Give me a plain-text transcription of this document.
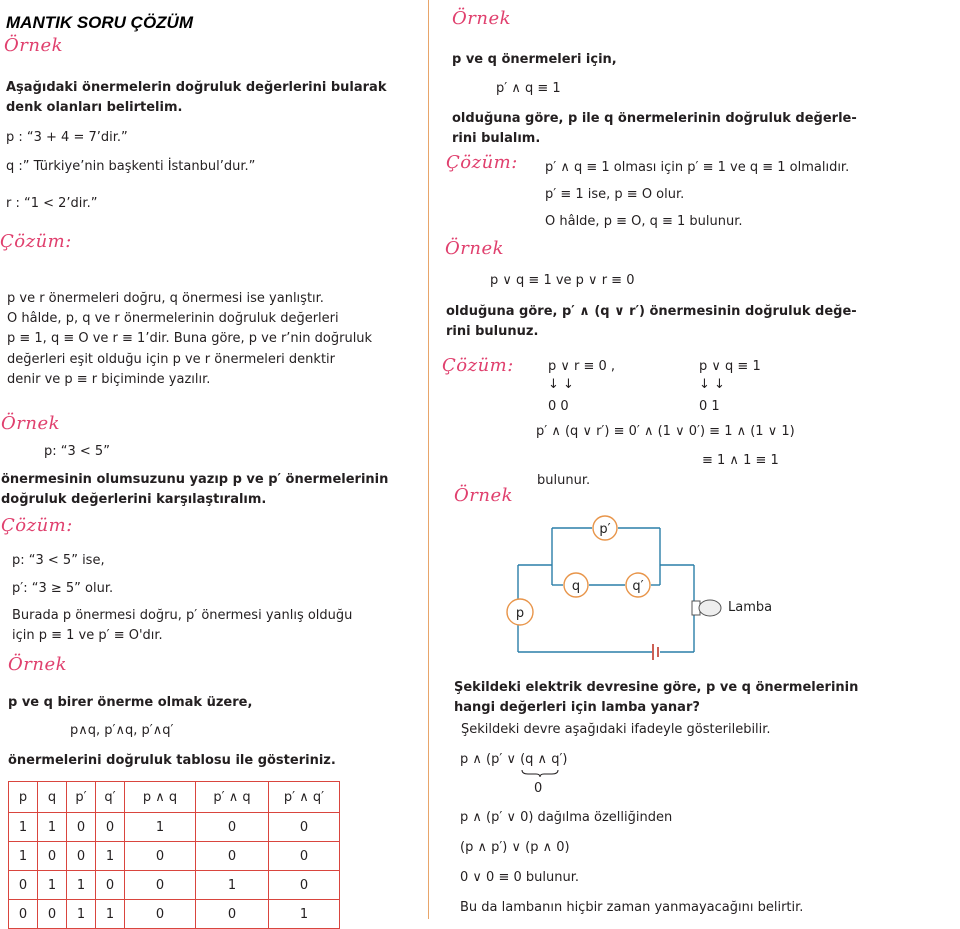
MANTIK SORU ÇÖZÜM
Örnek
Aşağıdaki önermelerin doğruluk değerlerini bularak
denk olanları belirtelim.
p : “3 + 4 = 7’dir.”
q :” Türkiye’nin başkenti İstanbul’dur.”
r : “1 < 2’dir.”
Çözüm:
p ve r önermeleri doğru, q önermesi ise yanlıştır.
O hâlde, p, q ve r önermelerinin doğruluk değerleri
p ≡ 1, q ≡ O ve r ≡ 1’dir. Buna göre, p ve r’nin doğruluk
değerleri eşit olduğu için p ve r önermeleri denktir
denir ve p ≡ r biçiminde yazılır.
Örnek
p: “3 < 5”
önermesinin olumsuzunu yazıp p ve p′ önermelerinin
doğruluk değerlerini karşılaştıralım.
Çözüm:
p: “3 < 5” ise,
p′: “3 ≥ 5” olur.
Burada p önermesi doğru, p′ önermesi yanlış olduğu
için p ≡ 1 ve p′ ≡ O'dır.
Örnek
p ve q birer önerme olmak üzere,
p∧q, p′∧q, p′∧q′
önermelerini doğruluk tablosu ile gösteriniz.
p	q	p′	q′	p ∧ q	p′ ∧ q	p′ ∧ q′
1	1	0	0	1	0	0
1	0	0	1	0	0	0
0	1	1	0	0	1	0
0	0	1	1	0	0	1
Örnek
p ve q önermeleri için,
p′ ∧ q ≡ 1
olduğuna göre, p ile q önermelerinin doğruluk değerle-
rini bulalım.
Çözüm: p′ ∧ q ≡ 1 olması için p′ ≡ 1 ve q ≡ 1 olmalıdır.
p′ ≡ 1 ise, p ≡ O olur.
O hâlde, p ≡ O, q ≡ 1 bulunur.
Örnek
p ∨ q ≡ 1 ve p ∨ r ≡ 0
olduğuna göre, p′ ∧ (q ∨ r′) önermesinin doğruluk değe-
rini bulunuz.
Çözüm:	p ∨ r ≡ 0 ,	p ∨ q ≡ 1
↓ ↓	↓ ↓
0 0	0 1
p′ ∧ (q ∨ r′) ≡ 0′ ∧ (1 ∨ 0′) ≡ 1 ∧ (1 ∨ 1)
≡ 1 ∧ 1 ≡ 1
bulunur.
Örnek
p′
q	q′
p	Lamba
Şekildeki elektrik devresine göre, p ve q önermelerinin
hangi değerleri için lamba yanar?
Şekildeki devre aşağıdaki ifadeyle gösterilebilir.
p ∧ (p′ ∨ (q ∧ q′)
0
p ∧ (p′ ∨ 0) dağılma özelliğinden
(p ∧ p′) ∨ (p ∧ 0)
0 ∨ 0 ≡ 0 bulunur.
Bu da lambanın hiçbir zaman yanmayacağını belirtir.
